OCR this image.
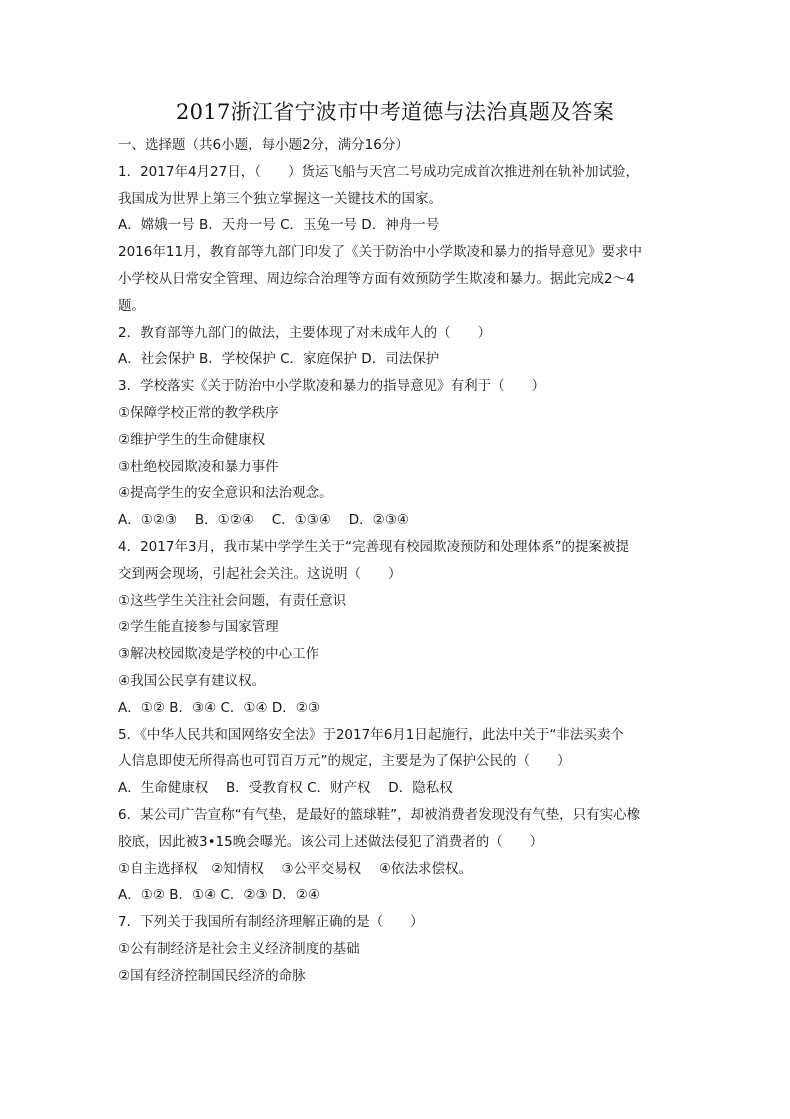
2017浙江省宁波市中考道德与法治真题及答案
一、选择题（共6小题，每小题2分，满分16分）
1．2017年4月27日，（　　）货运飞船与天宫二号成功完成首次推进剂在轨补加试验，
我国成为世界上第三个独立掌握这一关键技术的国家。
A．嫦娥一号 B．天舟一号 C．玉兔一号 D．神舟一号
2016年11月，教育部等九部门印发了《关于防治中小学欺凌和暴力的指导意见》要求中
小学校从日常安全管理、周边综合治理等方面有效预防学生欺凌和暴力。据此完成2～4
题。
2．教育部等九部门的做法，主要体现了对未成年人的（　　）
A．社会保护 B．学校保护 C．家庭保护 D．司法保护
3．学校落实《关于防治中小学欺凌和暴力的指导意见》有利于（　　）
①保障学校正常的教学秩序
②维护学生的生命健康权
③杜绝校园欺凌和暴力事件
④提高学生的安全意识和法治观念。
A．①②③　 B．①②④　 C．①③④　 D．②③④
4．2017年3月，我市某中学学生关于“完善现有校园欺凌预防和处理体系”的提案被提
交到两会现场，引起社会关注。这说明（　　）
①这些学生关注社会问题，有责任意识
②学生能直接参与国家管理
③解决校园欺凌是学校的中心工作
④我国公民享有建议权。
A．①② B．③④ C．①④ D．②③
5．《中华人民共和国网络安全法》于2017年6月1日起施行，此法中关于“非法买卖个
人信息即使无所得高也可罚百万元”的规定，主要是为了保护公民的（　　）
A．生命健康权　 B．受教育权 C．财产权　 D．隐私权
6．某公司广告宣称“有气垫，是最好的篮球鞋”，却被消费者发现没有气垫，只有实心橡
胶底，因此被3•15晚会曝光。该公司上述做法侵犯了消费者的（　　）
①自主选择权　②知情权　 ③公平交易权　 ④依法求偿权。
A．①② B．①④ C．②③ D．②④
7．下列关于我国所有制经济理解正确的是（　　）
①公有制经济是社会主义经济制度的基础
②国有经济控制国民经济的命脉
